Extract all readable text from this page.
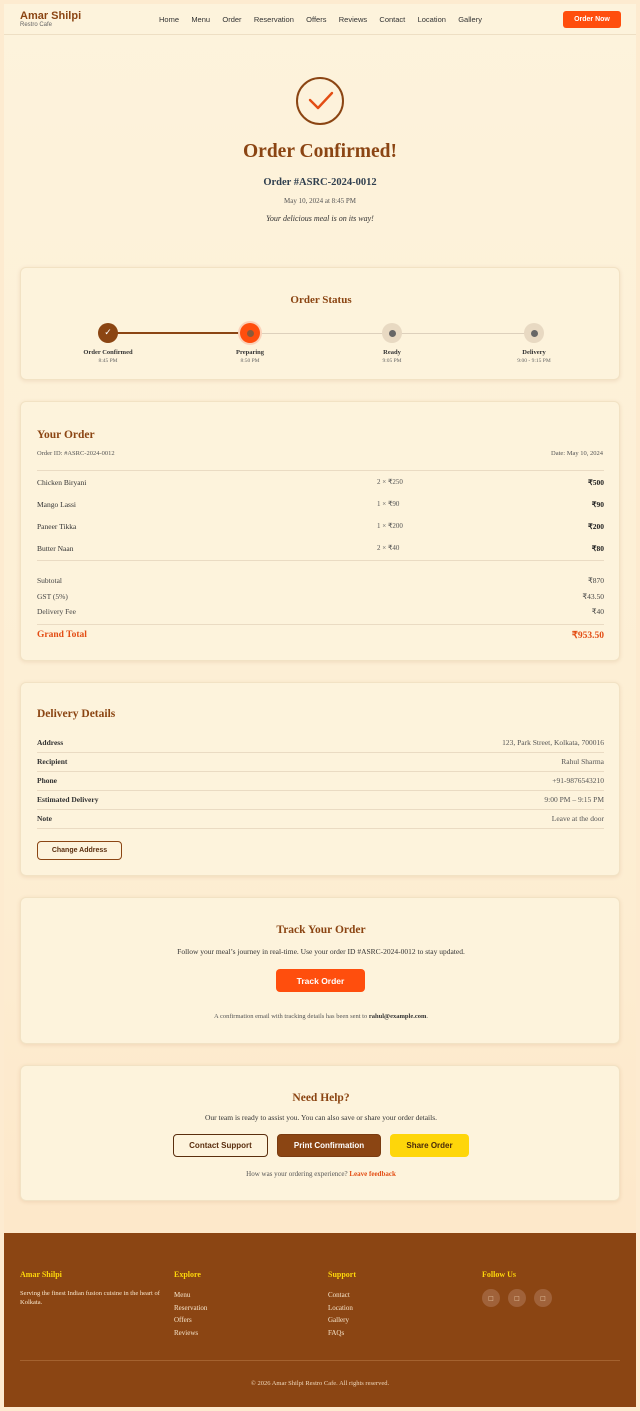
Amar Shilpi
Restro Cafe
Home Menu Order Reservation Offers Reviews Contact Location Gallery	Order Now
Order Confirmed!
Order #ASRC-2024-0012
May 10, 2024 at 8:45 PM
Your delicious meal is on its way!
Order Status
✓
Order Confirmed
8:45 PM
Preparing
8:50 PM
Ready
9:05 PM
Delivery
9:00 - 9:15 PM
Your Order
Order ID: #ASRC-2024-0012	Date: May 10, 2024
Chicken Biryani	2 × ₹250	₹500
Mango Lassi	1 × ₹90	₹90
Paneer Tikka	1 × ₹200	₹200
Butter Naan	2 × ₹40	₹80
Subtotal	₹870
GST (5%)	₹43.50
Delivery Fee	₹40
Grand Total	₹953.50
Delivery Details
Address	123, Park Street, Kolkata, 700016
Recipient	Rahul Sharma
Phone	+91-9876543210
Estimated Delivery	9:00 PM – 9:15 PM
Note	Leave at the door
Change Address
Track Your Order
Follow your meal’s journey in real-time. Use your order ID #ASRC-2024-0012 to stay updated.
Track Order
A confirmation email with tracking details has been sent to rahul@example.com.
Need Help?
Our team is ready to assist you. You can also save or share your order details.
Contact Support	Print Confirmation	Share Order
How was your ordering experience? Leave feedback
Amar Shilpi
Serving the finest Indian fusion cuisine in the heart of Kolkata.
Explore
Menu
Reservation
Offers
Reviews
Support
Contact
Location
Gallery
FAQs
Follow Us
□	□	□
© 2026 Amar Shilpi Restro Cafe. All rights reserved.
